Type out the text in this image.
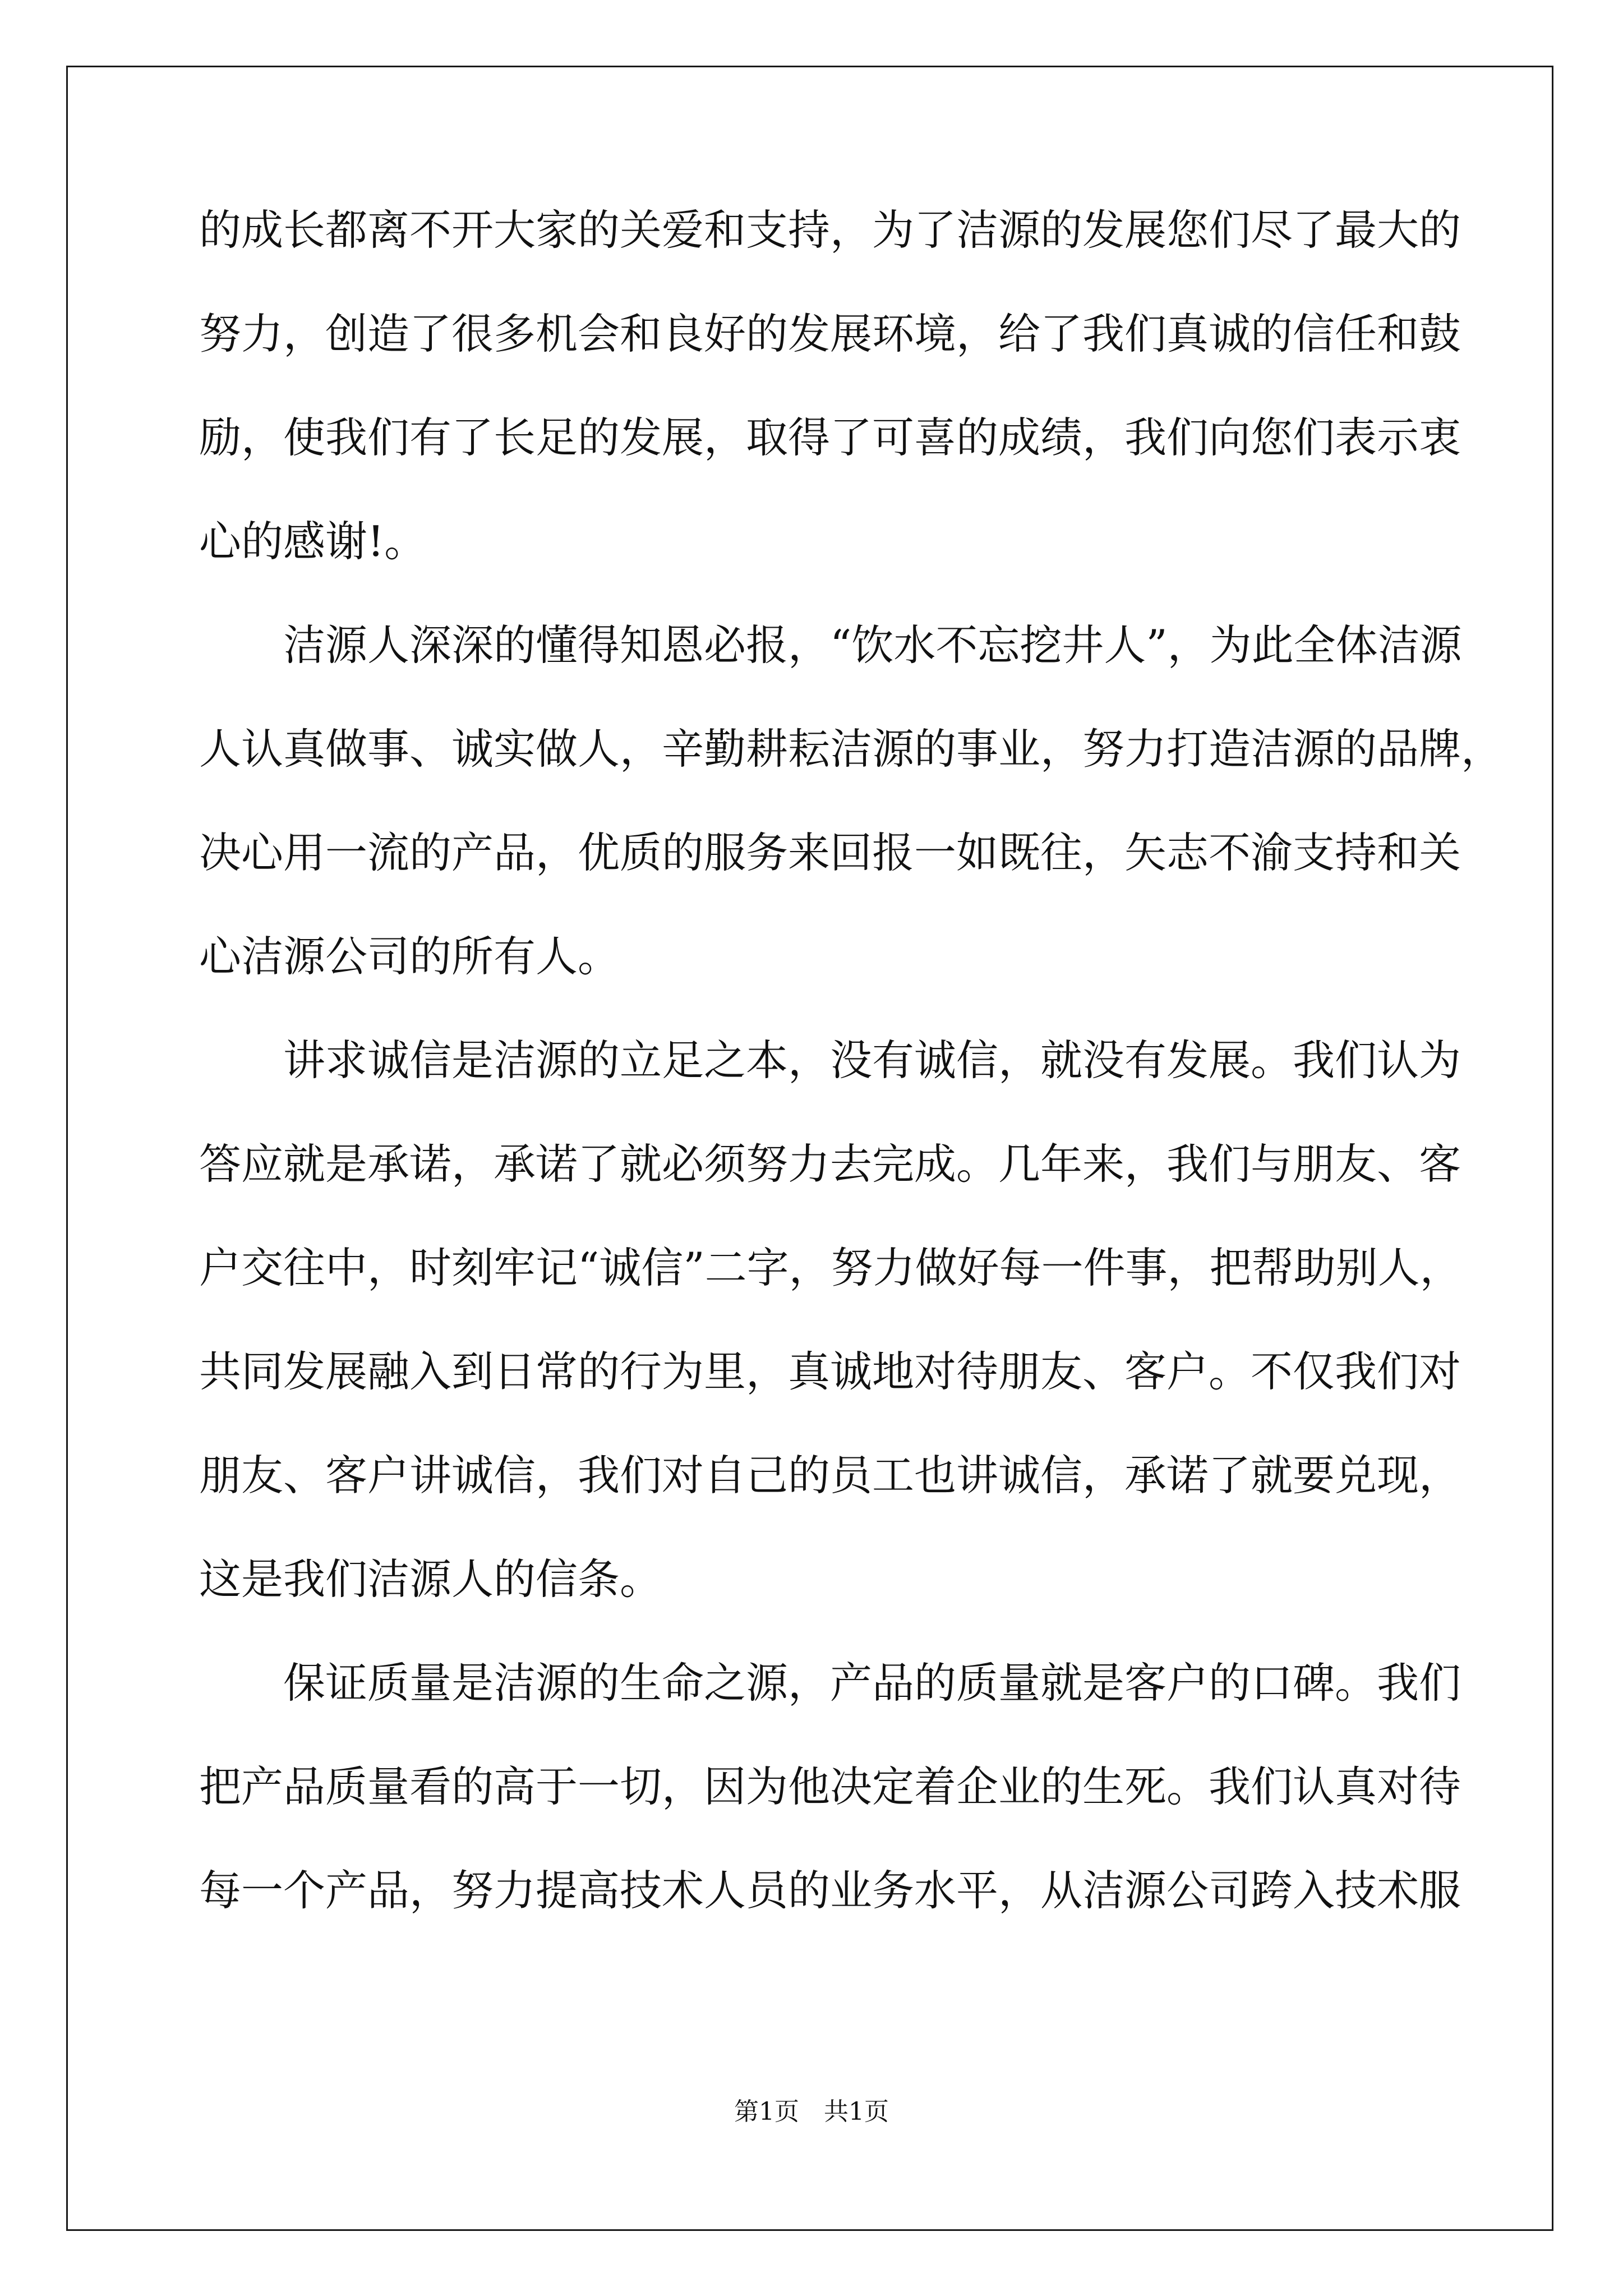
的成长都离不开大家的关爱和支持，为了洁源的发展您们尽了最大的
努力，创造了很多机会和良好的发展环境，给了我们真诚的信任和鼓
励，使我们有了长足的发展，取得了可喜的成绩，我们向您们表示衷
心的感谢!。
洁源人深深的懂得知恩必报，“饮水不忘挖井人”，为此全体洁源
人认真做事、诚实做人，辛勤耕耘洁源的事业，努力打造洁源的品牌，
决心用一流的产品，优质的服务来回报一如既往，矢志不渝支持和关
心洁源公司的所有人。
讲求诚信是洁源的立足之本，没有诚信，就没有发展。我们认为
答应就是承诺，承诺了就必须努力去完成。几年来，我们与朋友、客
户交往中，时刻牢记“诚信”二字，努力做好每一件事，把帮助别人，
共同发展融入到日常的行为里，真诚地对待朋友、客户。不仅我们对
朋友、客户讲诚信，我们对自己的员工也讲诚信，承诺了就要兑现，
这是我们洁源人的信条。
保证质量是洁源的生命之源，产品的质量就是客户的口碑。我们
把产品质量看的高于一切，因为他决定着企业的生死。我们认真对待
每一个产品，努力提高技术人员的业务水平，从洁源公司跨入技术服
第1页　共1页
